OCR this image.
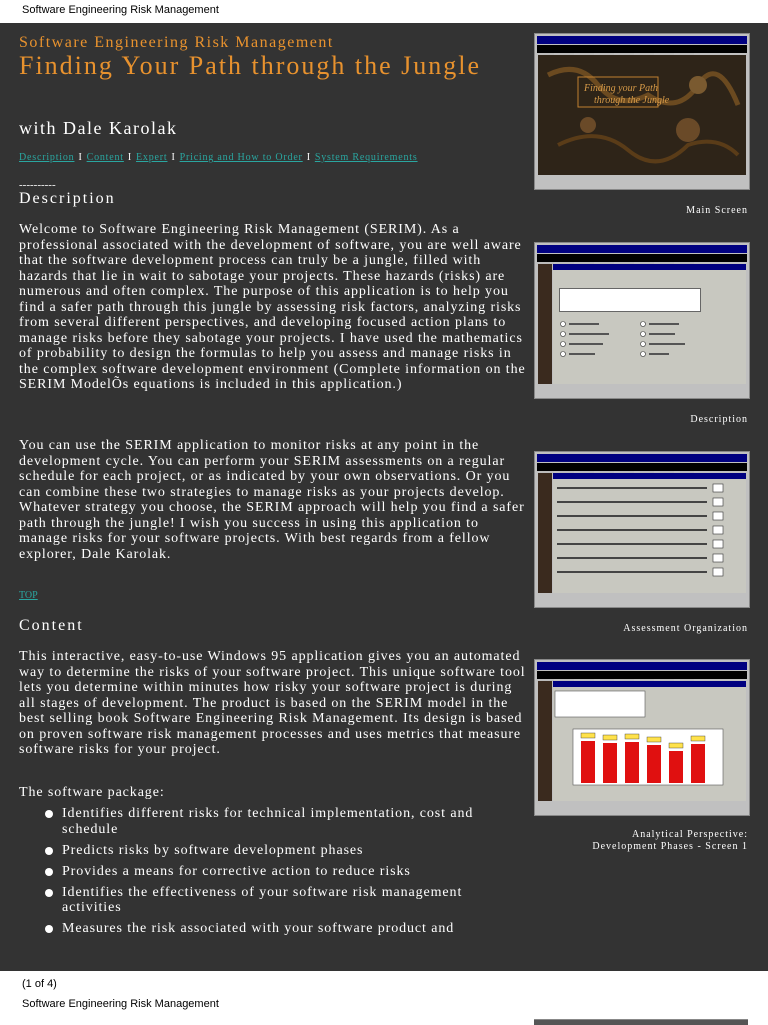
Software Engineering Risk Management
Software Engineering Risk Management
Finding Your Path through the Jungle
with Dale Karolak
Description I Content I Expert I Pricing and How to Order I System Requirements
----------
Description

Welcome to Software Engineering Risk Management (SERIM). As a professional associated with the development of software, you are well aware that the software development process can truly be a jungle, filled with hazards that lie in wait to sabotage your projects. These hazards (risks) are numerous and often complex. The purpose of this application is to help you find a safer path through this jungle by assessing risk factors, analyzing risks from several different perspectives, and developing focused action plans to manage risks before they sabotage your projects. I have used the mathematics of probability to design the formulas to help you assess and manage risks in the complex software development environment (Complete information on the SERIM ModelÕs equations is included in this application.)

You can use the SERIM application to monitor risks at any point in the development cycle. You can perform your SERIM assessments on a regular schedule for each project, or as indicated by your own observations. Or you can combine these two strategies to manage risks as your projects develop. Whatever strategy you choose, the SERIM approach will help you find a safer path through the jungle! I wish you success in using this application to manage risks for your software projects. With best regards from a fellow explorer, Dale Karolak.

TOP
Content

This interactive, easy-to-use Windows 95 application gives you an automated way to determine the risks of your software project. This unique software tool lets you determine within minutes how risky your software project is during all stages of development. The product is based on the SERIM model in the best selling book Software Engineering Risk Management. Its design is based on proven software risk management processes and uses metrics that measure software risks for your project.

The software package:
Identifies different risks for technical implementation, cost and schedule
Predicts risks by software development phases
Provides a means for corrective action to reduce risks
Identifies the effectiveness of your software risk management activities
Measures the risk associated with your software product and
Finding your Path
through the Jungle
Main Screen
Description
Assessment Organization
Analytical Perspective:
Development Phases - Screen 1
(1 of 4)
Software Engineering Risk Management
